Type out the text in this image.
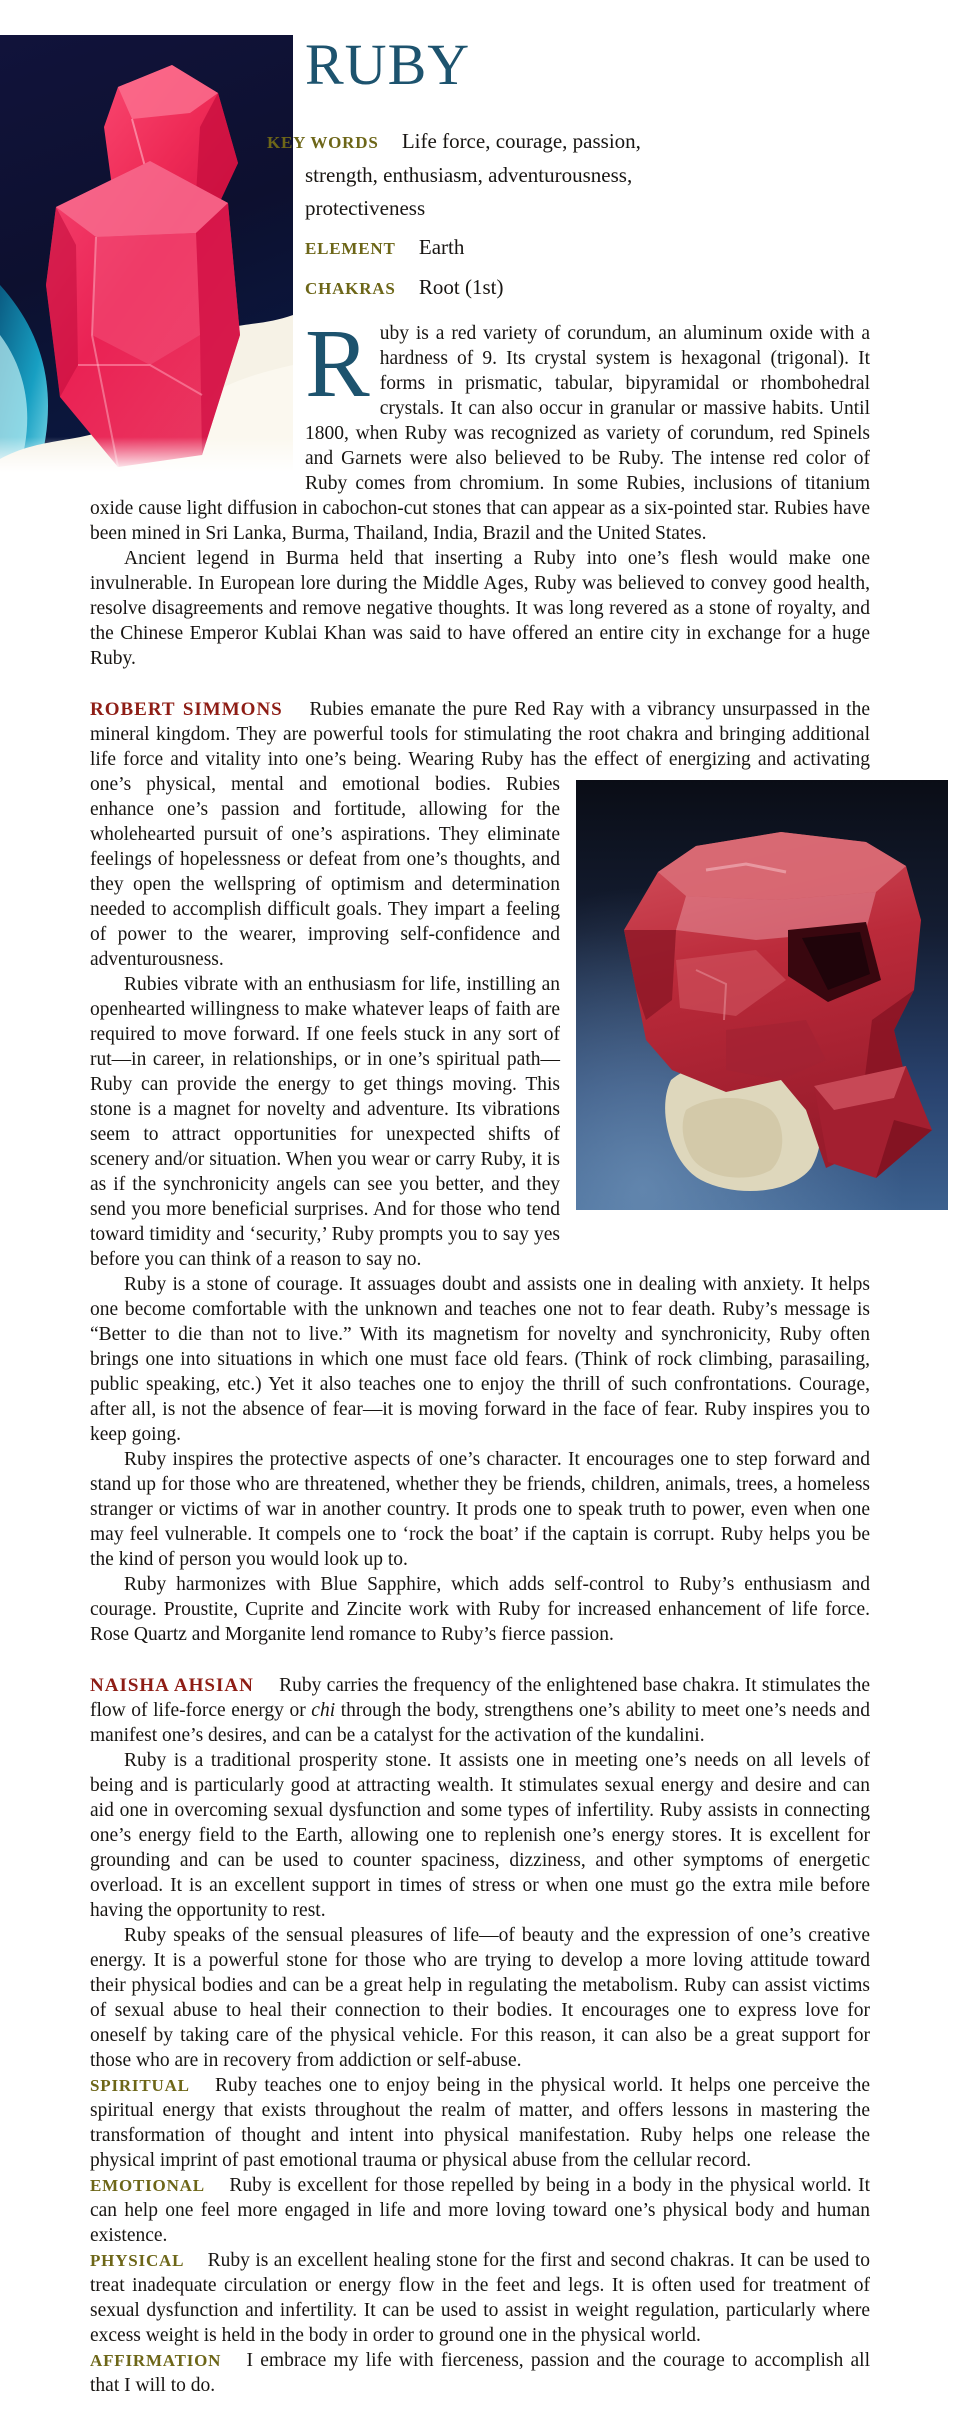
RUBY
KEY WORDS Life force, courage, passion, strength, enthusiasm, adventurousness, protectiveness
ELEMENT Earth
CHAKRAS Root (1st)

R uby is a red variety of corundum, an aluminum oxide with a hardness of 9. Its crystal system is hexagonal (trigonal). It forms in prismatic, tabular, bipyramidal or rhombohedral crystals. It can also occur in granular or massive habits. Until 1800, when Ruby was recognized as variety of corundum, red Spinels and Garnets were also believed to be Ruby. The intense red color of Ruby comes from chromium. In some Rubies, inclusions of titanium oxide cause light diffusion in cabochon-cut stones that can appear as a six-pointed star. Rubies have been mined in Sri Lanka, Burma, Thailand, India, Brazil and the United States.

Ancient legend in Burma held that inserting a Ruby into one’s flesh would make one invulnerable. In European lore during the Middle Ages, Ruby was believed to convey good health, resolve disagreements and remove negative thoughts. It was long revered as a stone of royalty, and the Chinese Emperor Kublai Khan was said to have offered an entire city in exchange for a huge Ruby.

ROBERT SIMMONS Rubies emanate the pure Red Ray with a vibrancy unsurpassed in the mineral kingdom. They are powerful tools for stimulating the root chakra and bringing additional life force and vitality into one’s being. Wearing Ruby has the effect of energizing and activating one’s physical, mental and emotional bodies. Rubies enhance one’s passion and fortitude, allowing for the wholehearted pursuit of one’s aspirations. They eliminate feelings of hopelessness or defeat from one’s thoughts, and they open the wellspring of optimism and determination needed to accomplish difficult goals. They impart a feeling of power to the wearer, improving self-confidence and adventurousness.

Rubies vibrate with an enthusiasm for life, instilling an openhearted willingness to make whatever leaps of faith are required to move forward. If one feels stuck in any sort of rut—in career, in relationships, or in one’s spiritual path—Ruby can provide the energy to get things moving. This stone is a magnet for novelty and adventure. Its vibrations seem to attract opportunities for unexpected shifts of scenery and/or situation. When you wear or carry Ruby, it is as if the synchronicity angels can see you better, and they send you more beneficial surprises. And for those who tend toward timidity and ‘security,’ Ruby prompts you to say yes before you can think of a reason to say no.

Ruby is a stone of courage. It assuages doubt and assists one in dealing with anxiety. It helps one become comfortable with the unknown and teaches one not to fear death. Ruby’s message is “Better to die than not to live.” With its magnetism for novelty and synchronicity, Ruby often brings one into situations in which one must face old fears. (Think of rock climbing, parasailing, public speaking, etc.) Yet it also teaches one to enjoy the thrill of such confrontations. Courage, after all, is not the absence of fear—it is moving forward in the face of fear. Ruby inspires you to keep going.

Ruby inspires the protective aspects of one’s character. It encourages one to step forward and stand up for those who are threatened, whether they be friends, children, animals, trees, a homeless stranger or victims of war in another country. It prods one to speak truth to power, even when one may feel vulnerable. It compels one to ‘rock the boat’ if the captain is corrupt. Ruby helps you be the kind of person you would look up to.

Ruby harmonizes with Blue Sapphire, which adds self-control to Ruby’s enthusiasm and courage. Proustite, Cuprite and Zincite work with Ruby for increased enhancement of life force. Rose Quartz and Morganite lend romance to Ruby’s fierce passion.

NAISHA AHSIAN Ruby carries the frequency of the enlightened base chakra. It stimulates the flow of life-force energy or chi through the body, strengthens one’s ability to meet one’s needs and manifest one’s desires, and can be a catalyst for the activation of the kundalini.

Ruby is a traditional prosperity stone. It assists one in meeting one’s needs on all levels of being and is particularly good at attracting wealth. It stimulates sexual energy and desire and can aid one in overcoming sexual dysfunction and some types of infertility. Ruby assists in connecting one’s energy field to the Earth, allowing one to replenish one’s energy stores. It is excellent for grounding and can be used to counter spaciness, dizziness, and other symptoms of energetic overload. It is an excellent support in times of stress or when one must go the extra mile before having the opportunity to rest.

Ruby speaks of the sensual pleasures of life—of beauty and the expression of one’s creative energy. It is a powerful stone for those who are trying to develop a more loving attitude toward their physical bodies and can be a great help in regulating the metabolism. Ruby can assist victims of sexual abuse to heal their connection to their bodies. It encourages one to express love for oneself by taking care of the physical vehicle. For this reason, it can also be a great support for those who are in recovery from addiction or self-abuse.

SPIRITUAL Ruby teaches one to enjoy being in the physical world. It helps one perceive the spiritual energy that exists throughout the realm of matter, and offers lessons in mastering the transformation of thought and intent into physical manifestation. Ruby helps one release the physical imprint of past emotional trauma or physical abuse from the cellular record.

EMOTIONAL Ruby is excellent for those repelled by being in a body in the physical world. It can help one feel more engaged in life and more loving toward one’s physical body and human existence.

PHYSICAL Ruby is an excellent healing stone for the first and second chakras. It can be used to treat inadequate circulation or energy flow in the feet and legs. It is often used for treatment of sexual dysfunction and infertility. It can be used to assist in weight regulation, particularly where excess weight is held in the body in order to ground one in the physical world.

AFFIRMATION I embrace my life with fierceness, passion and the courage to accomplish all that I will to do.
